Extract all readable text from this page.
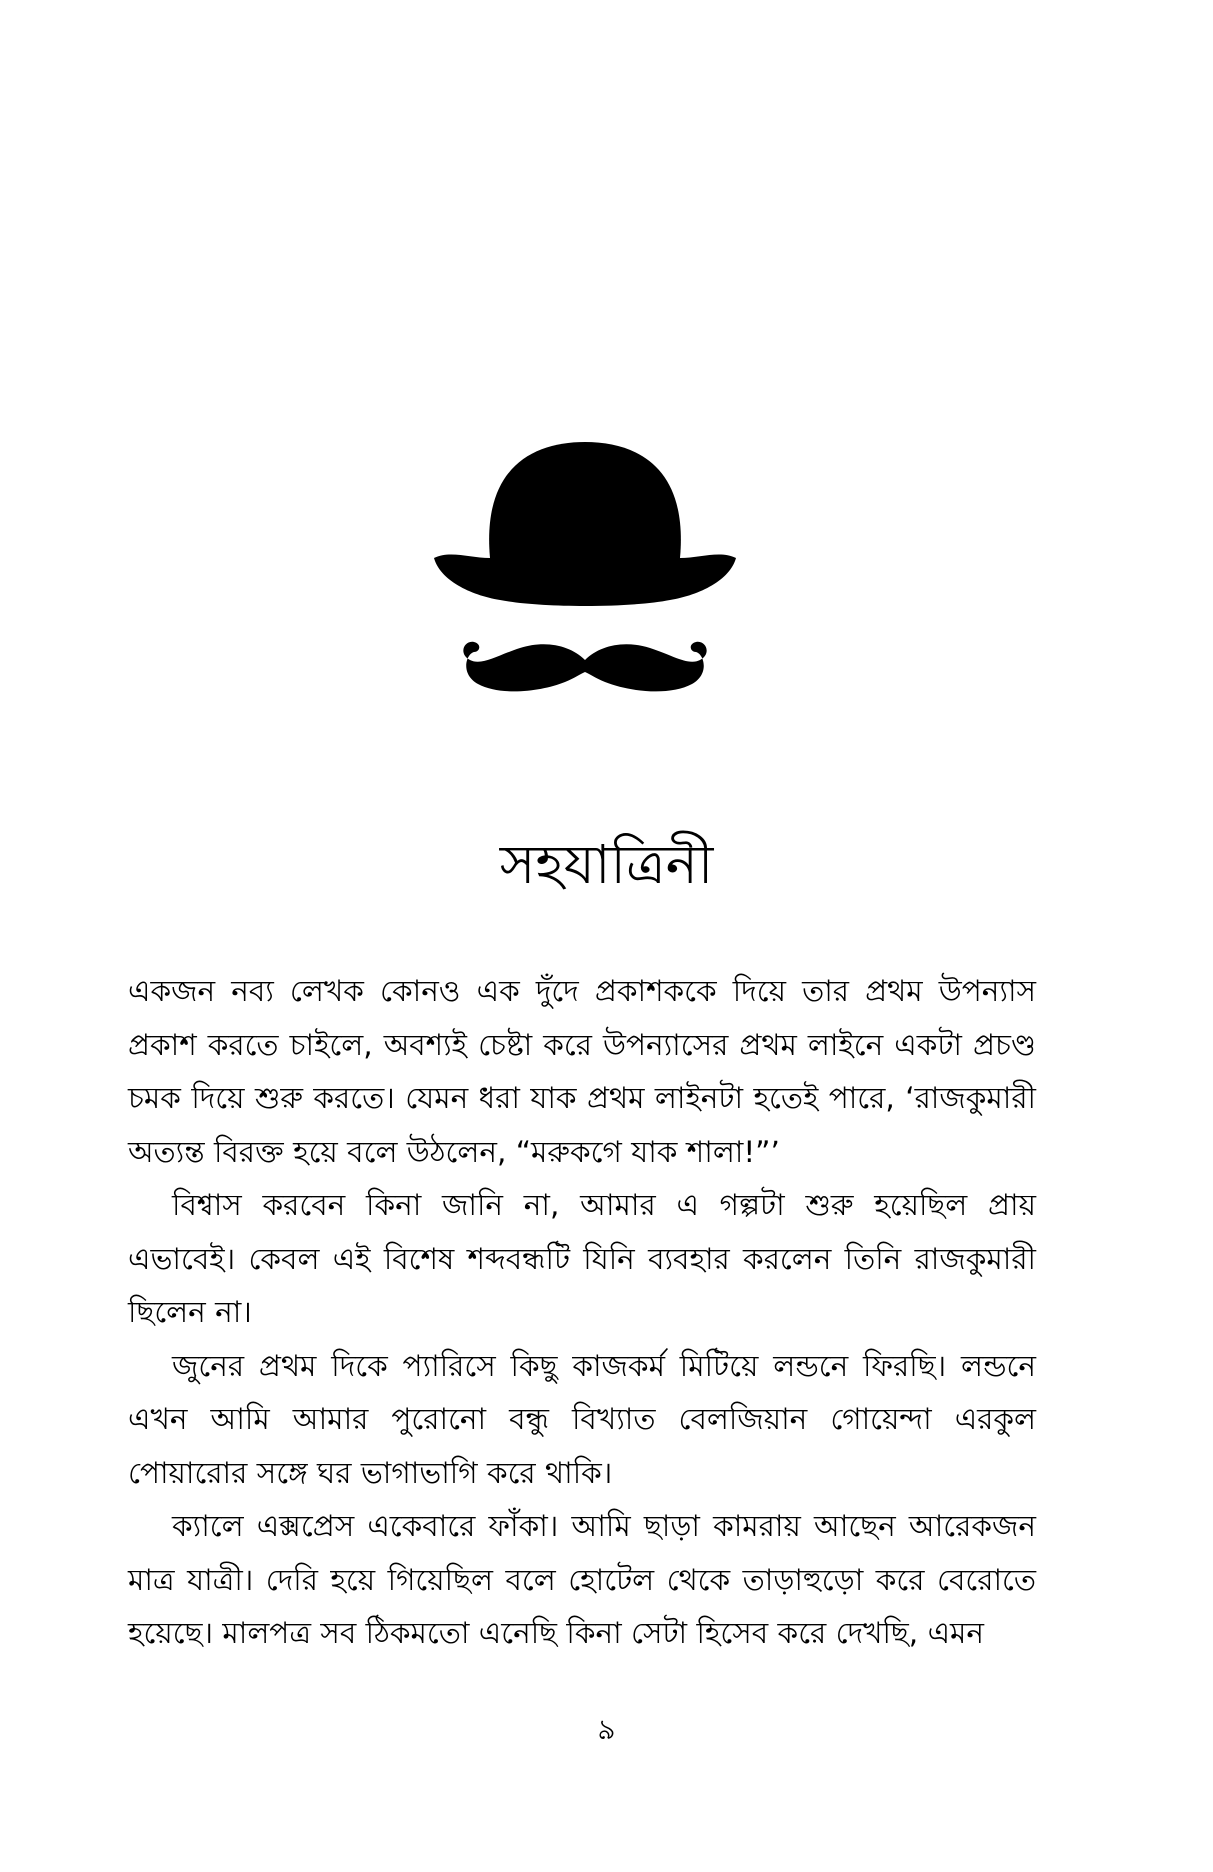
সহযাত্রিনী

একজন নব্য লেখক কোনও এক দুঁদে প্রকাশককে দিয়ে তার প্রথম উপন্যাস প্রকাশ করতে চাইলে, অবশ্যই চেষ্টা করে উপন্যাসের প্রথম লাইনে একটা প্রচণ্ড চমক দিয়ে শুরু করতে। যেমন ধরা যাক প্রথম লাইনটা হতেই পারে, ‘রাজকুমারী অত্যন্ত বিরক্ত হয়ে বলে উঠলেন, “মরুকগে যাক শালা!”’

বিশ্বাস করবেন কিনা জানি না, আমার এ গল্পটা শুরু হয়েছিল প্রায় এভাবেই। কেবল এই বিশেষ শব্দবন্ধটি যিনি ব্যবহার করলেন তিনি রাজকুমারী ছিলেন না।

জুনের প্রথম দিকে প্যারিসে কিছু কাজকর্ম মিটিয়ে লন্ডনে ফিরছি। লন্ডনে এখন আমি আমার পুরোনো বন্ধু বিখ্যাত বেলজিয়ান গোয়েন্দা এরকুল পোয়ারোর সঙ্গে ঘর ভাগাভাগি করে থাকি।

ক্যালে এক্সপ্রেস একেবারে ফাঁকা। আমি ছাড়া কামরায় আছেন আরেকজন মাত্র যাত্রী। দেরি হয়ে গিয়েছিল বলে হোটেল থেকে তাড়াহুড়ো করে বেরোতে হয়েছে। মালপত্র সব ঠিকমতো এনেছি কিনা সেটা হিসেব করে দেখছি, এমন

৯
